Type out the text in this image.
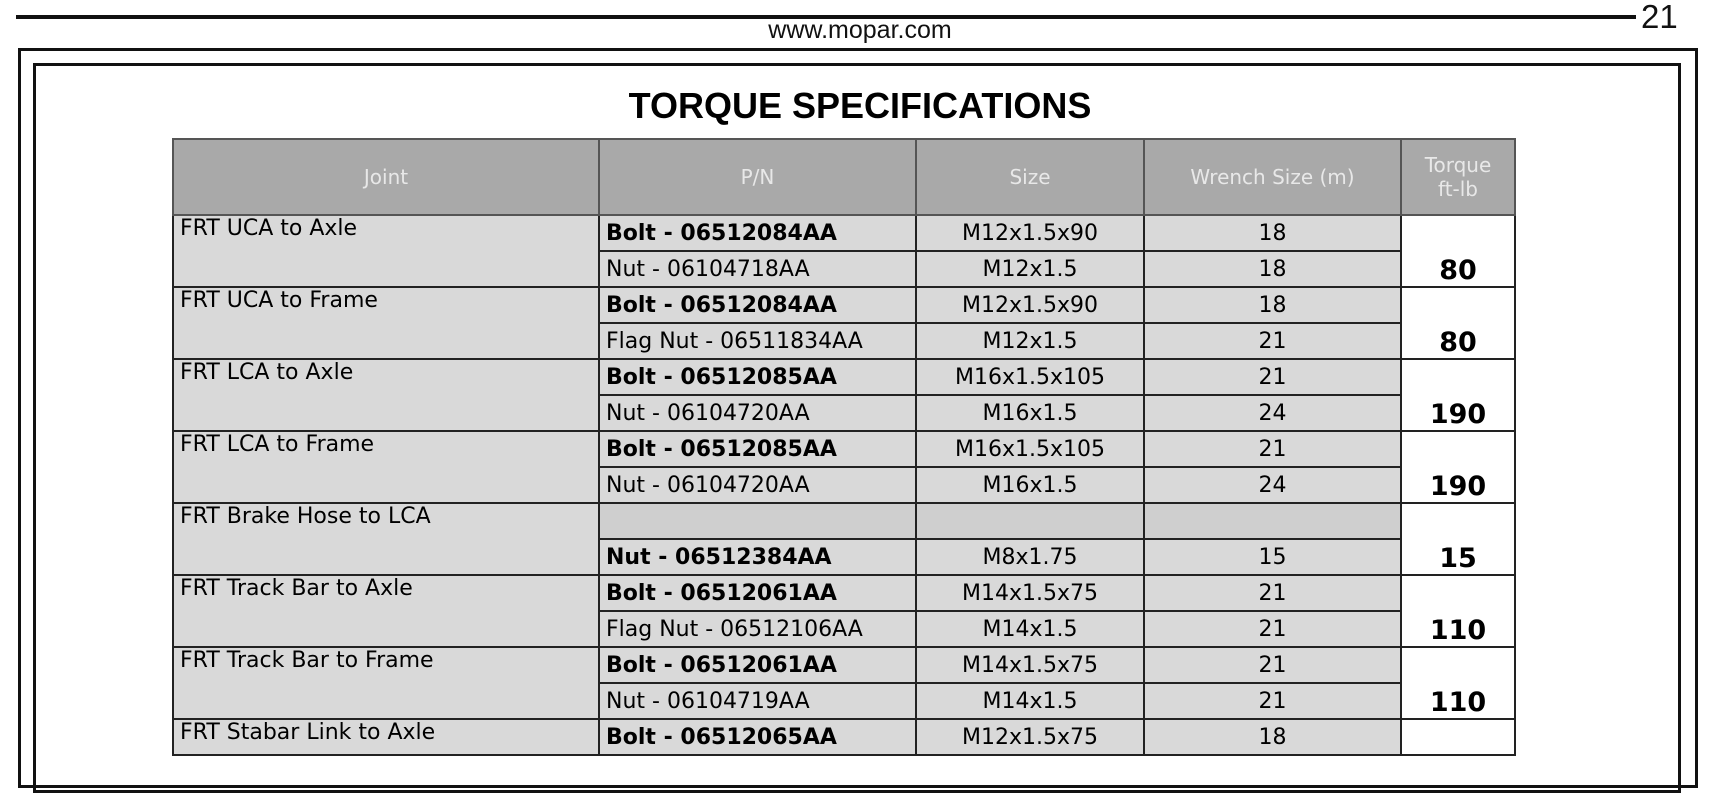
www.mopar.com	21
TORQUE SPECIFICATIONS
Joint	P/N	Size	Wrench Size (m)	Torque
ft-lb
FRT UCA to Axle	Bolt - 06512084AA	M12x1.5x90	18	80
	Nut - 06104718AA	M12x1.5	18	
FRT UCA to Frame	Bolt - 06512084AA	M12x1.5x90	18	80
	Flag Nut - 06511834AA	M12x1.5	21	
FRT LCA to Axle	Bolt - 06512085AA	M16x1.5x105	21	190
	Nut - 06104720AA	M16x1.5	24	
FRT LCA to Frame	Bolt - 06512085AA	M16x1.5x105	21	190
	Nut - 06104720AA	M16x1.5	24	
FRT Brake Hose to LCA				15
	Nut - 06512384AA	M8x1.75	15	
FRT Track Bar to Axle	Bolt - 06512061AA	M14x1.5x75	21	110
	Flag Nut - 06512106AA	M14x1.5	21	
FRT Track Bar to Frame	Bolt - 06512061AA	M14x1.5x75	21	110
	Nut - 06104719AA	M14x1.5	21	
FRT Stabar Link to Axle	Bolt - 06512065AA	M12x1.5x75	18	
